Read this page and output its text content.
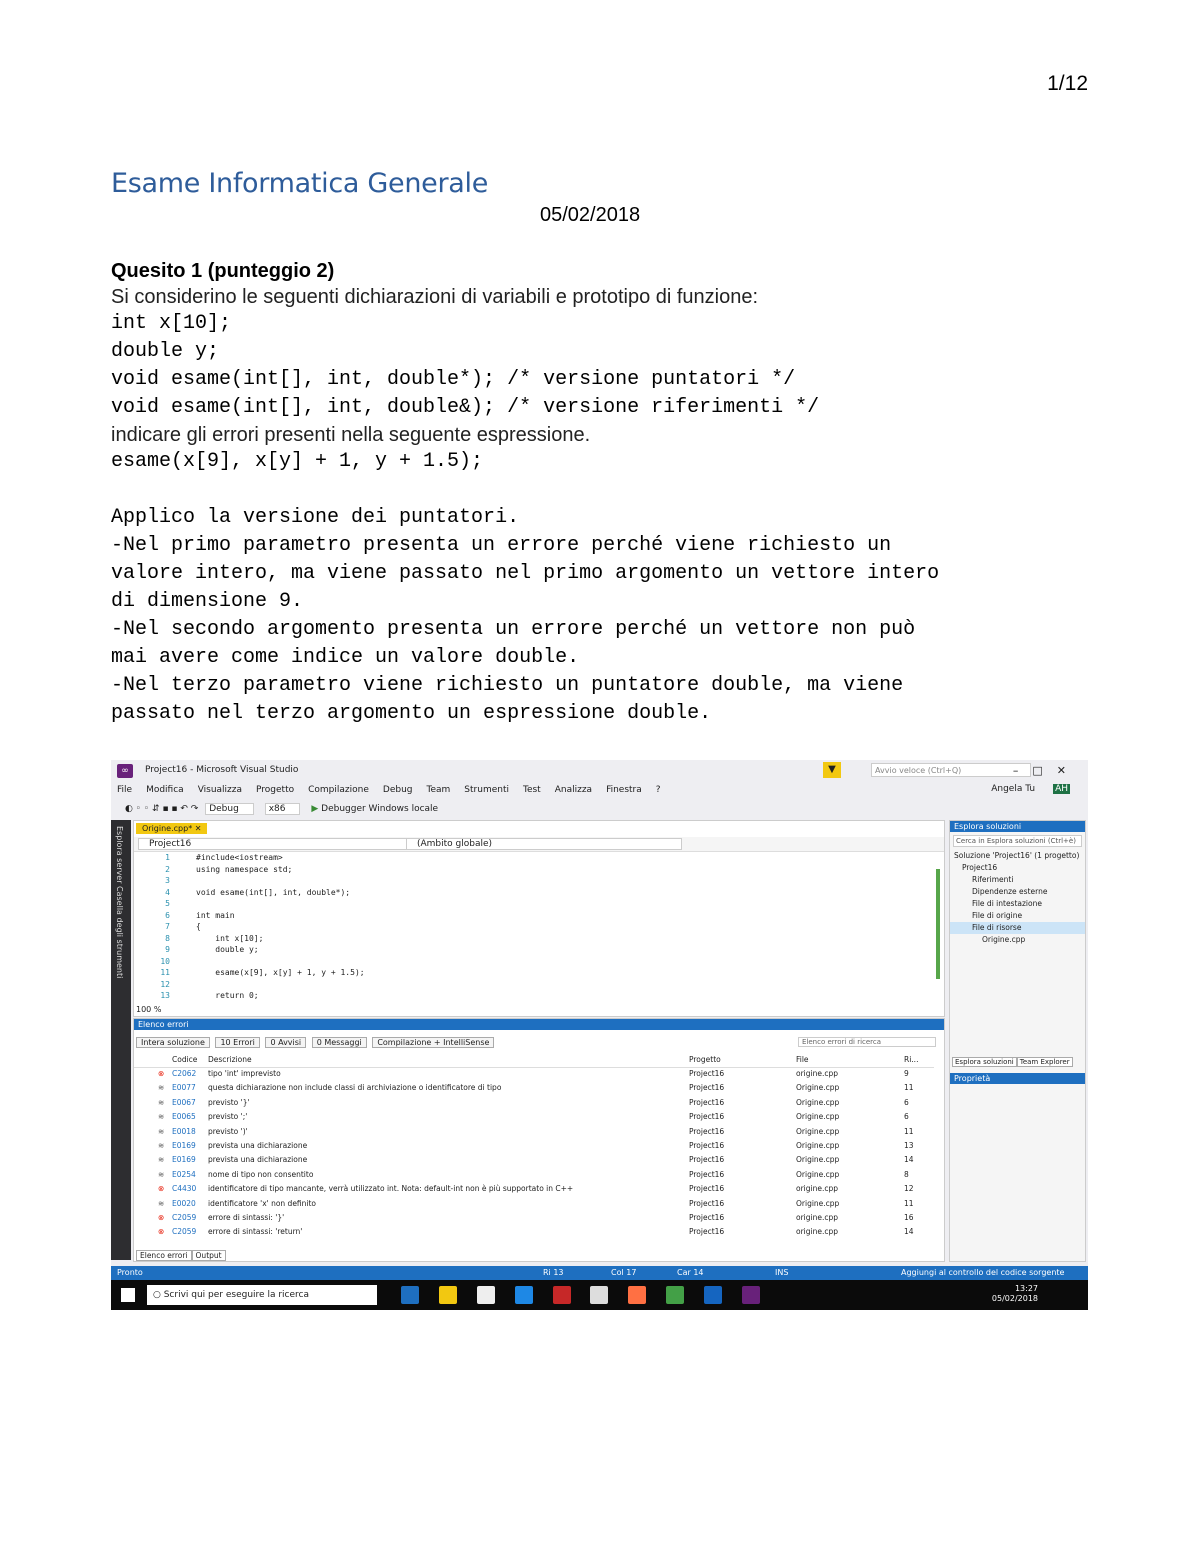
1/12
Esame Informatica Generale
05/02/2018
Quesito 1 (punteggio 2)
Si considerino le seguenti dichiarazioni di variabili e prototipo di funzione:
int x[10];
double y;
void esame(int[], int, double*); /* versione puntatori */
void esame(int[], int, double&); /* versione riferimenti */
indicare gli errori presenti nella seguente espressione.
esame(x[9], x[y] + 1, y + 1.5);
Applico la versione dei puntatori.
-Nel primo parametro presenta un errore perché viene richiesto un
valore intero, ma viene passato nel primo argomento un vettore intero
di dimensione 9.
-Nel secondo argomento presenta un errore perché un vettore non può
mai avere come indice un valore double.
-Nel terzo parametro viene richiesto un puntatore double, ma viene
passato nel terzo argomento un espressione double.
∞	Project16 - Microsoft Visual Studio	▼	Avvio veloce (Ctrl+Q)	–□✕
File Modifica Visualizza Progetto Compilazione Debug Team Strumenti Test Analizza Finestra ?	Angela Tu AH
◐ ◦ ◦ ⇵ ▪ ▪ ↶ ↷ Debug	x86	▶ Debugger Windows locale
Esplora server Casella degli strumenti	Origine.cpp* ✕
Project16	(Ambito globale)
1	#include<iostream>
2	using namespace std;
3
4	void esame(int[], int, double*);
5
6	int main
7	{
8	int x[10];
9	double y;
10
11	esame(x[9], x[y] + 1, y + 1.5);
12
13	return 0;
100 %
Esplora soluzioni
Cerca in Esplora soluzioni (Ctrl+è)
Soluzione 'Project16' (1 progetto)
Project16
Riferimenti
Dipendenze esterne
File di intestazione
File di origine
File di risorse
Origine.cpp
Esplora soluzioni Team Explorer
Proprietà
Elenco errori
Intera soluzione 10 Errori 0 Avvisi 0 Messaggi Compilazione + IntelliSense	Elenco errori di ricerca
Codice Descrizione	Progetto	File	Ri...
⊗ C2062 tipo 'int' imprevisto	Project16	origine.cpp	9
≋ E0077 questa dichiarazione non include classi di archiviazione o identificatore di tipo	Project16	Origine.cpp	11
≋ E0067 previsto '}'	Project16	Origine.cpp	6
≋ E0065 previsto ';'	Project16	Origine.cpp	6
≋ E0018 previsto ')'	Project16	Origine.cpp	11
≋ E0169 prevista una dichiarazione	Project16	Origine.cpp	13
≋ E0169 prevista una dichiarazione	Project16	Origine.cpp	14
≋ E0254 nome di tipo non consentito	Project16	Origine.cpp	8
⊗ C4430 identificatore di tipo mancante, verrà utilizzato int. Nota: default-int non è più supportato in C++	Project16	origine.cpp	12
≋ E0020 identificatore 'x' non definito	Project16	Origine.cpp	11
⊗ C2059 errore di sintassi: '}'	Project16	origine.cpp	16
⊗ C2059 errore di sintassi: 'return'	Project16	origine.cpp	14
Elenco errori Output
Pronto	Ri 13	Col 17	Car 14	INS	Aggiungi al controllo del codice sorgente
○ Scrivi qui per eseguire la ricerca

13:27
05/02/2018
